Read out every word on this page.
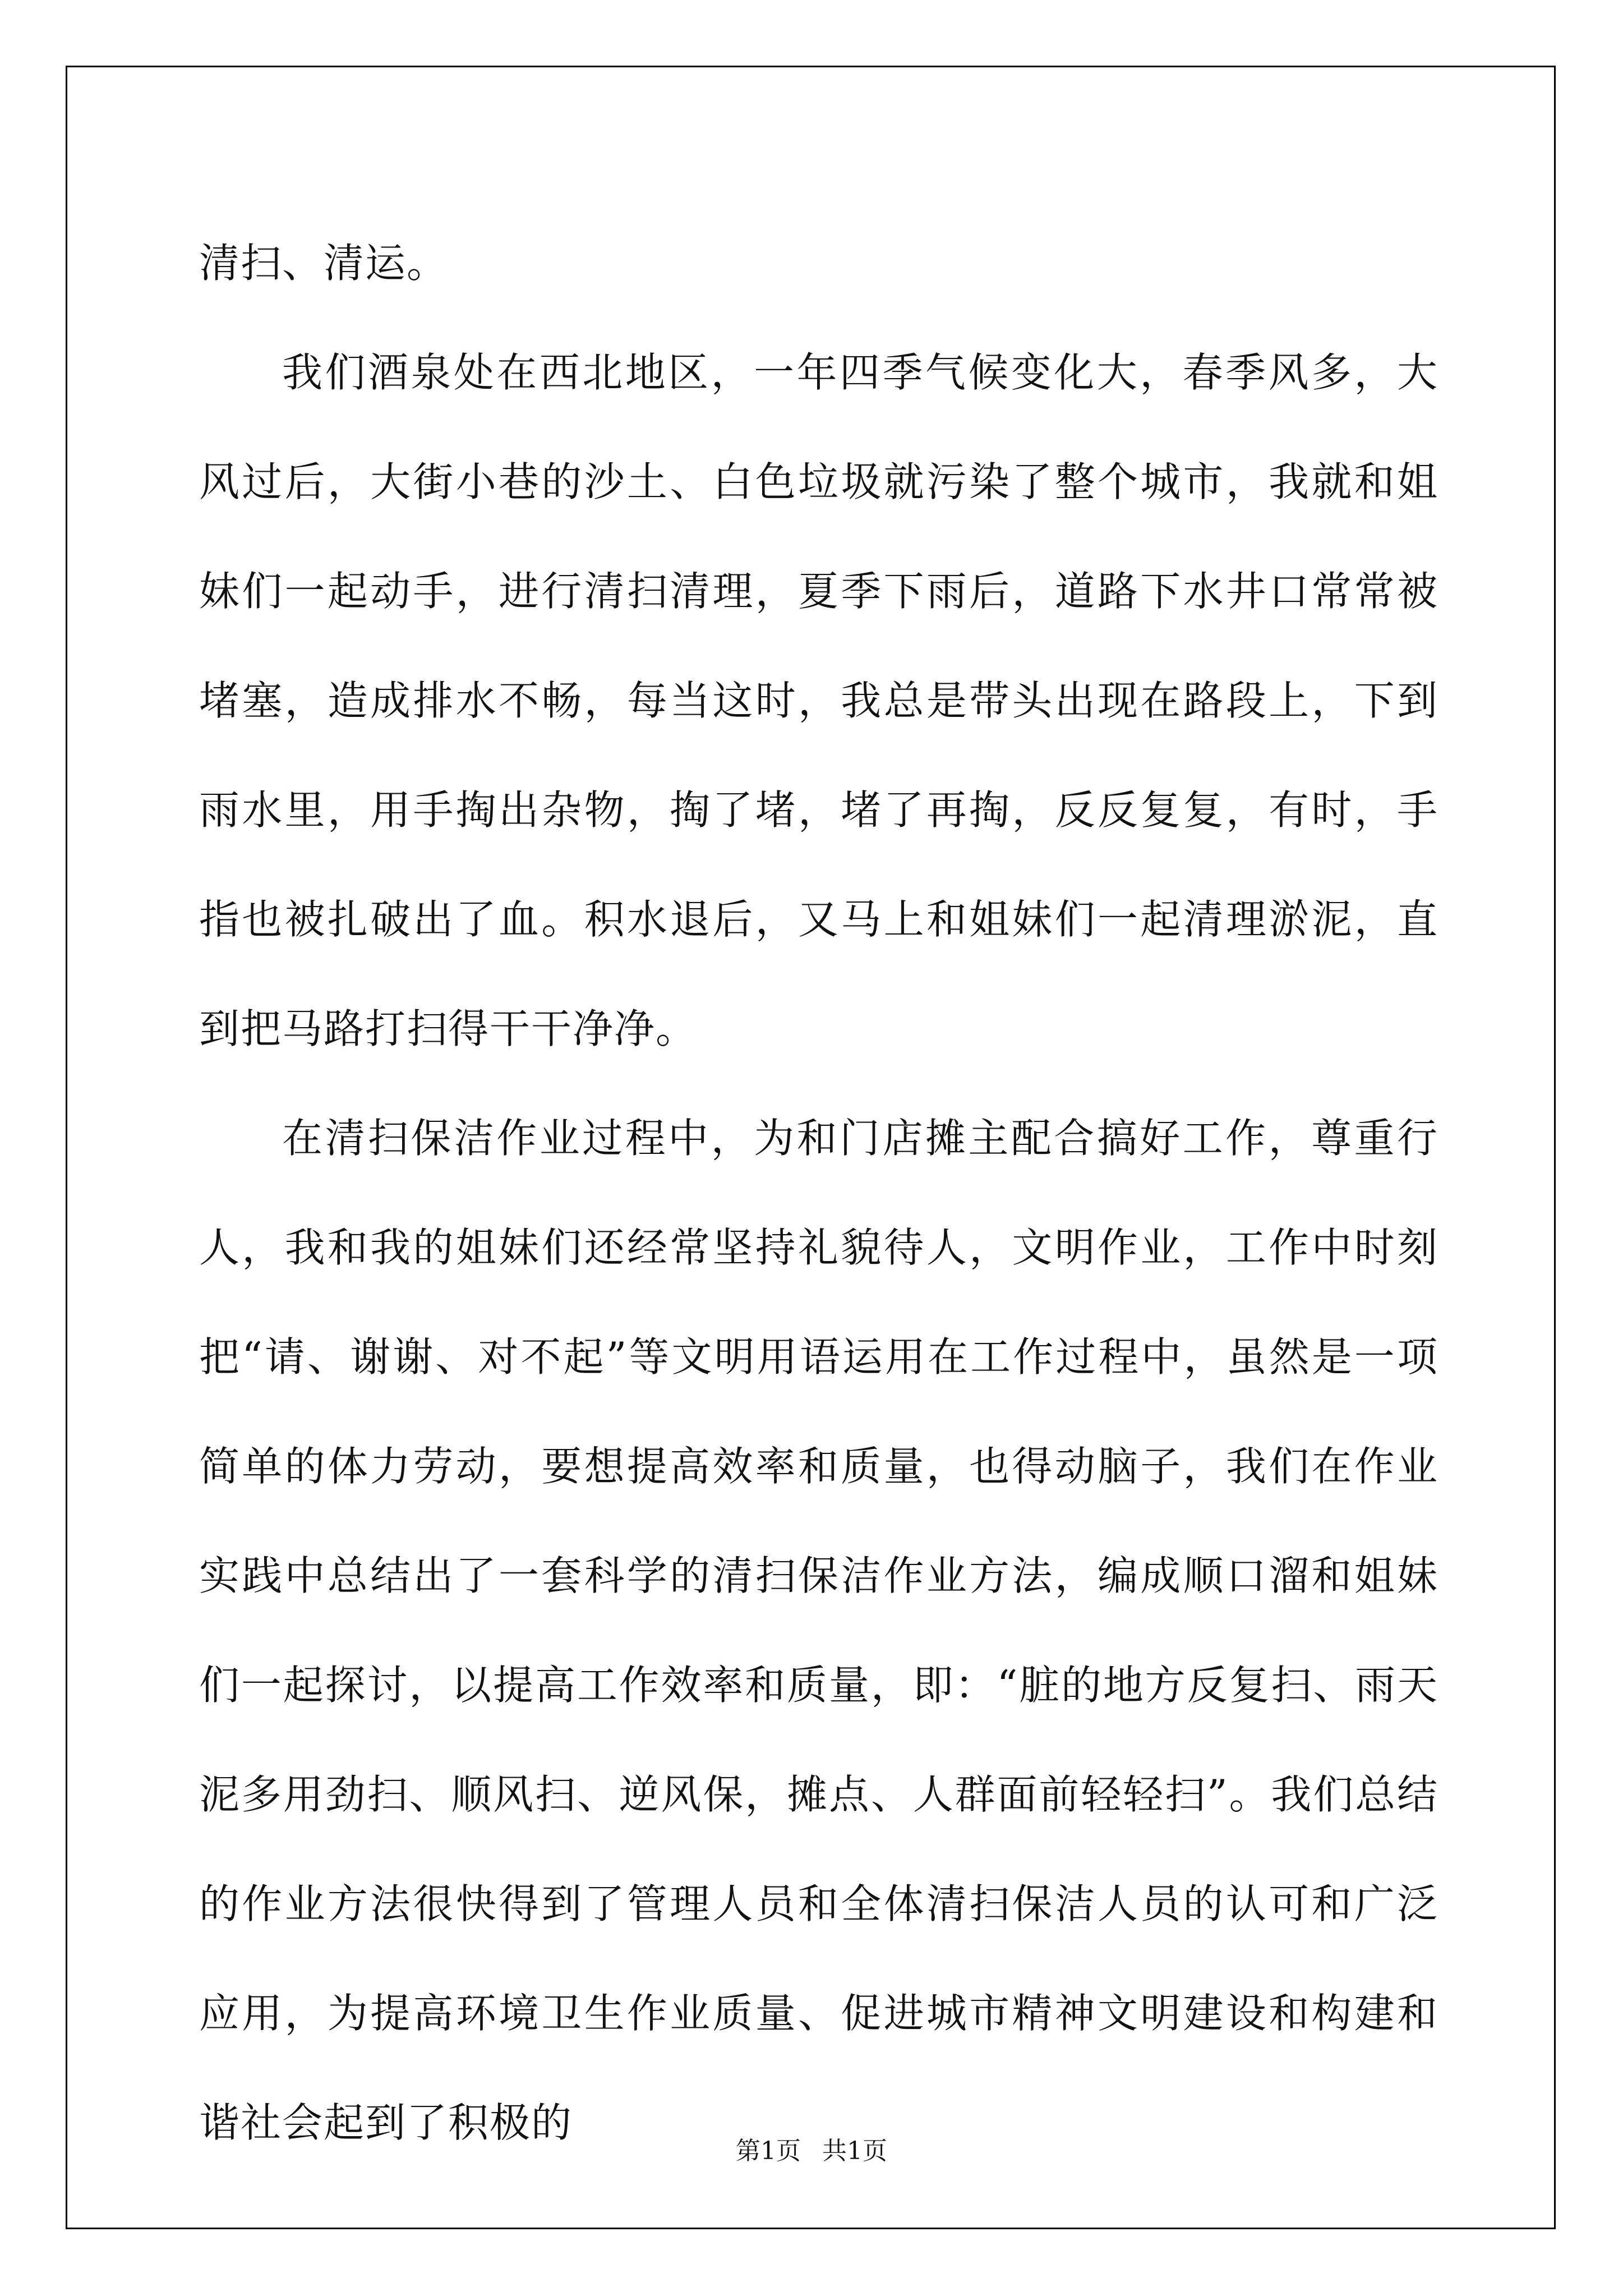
清扫、清运。

我们酒泉处在西北地区，一年四季气候变化大，春季风多，大风过后，大街小巷的沙土、白色垃圾就污染了整个城市，我就和姐妹们一起动手，进行清扫清理，夏季下雨后，道路下水井口常常被堵塞，造成排水不畅，每当这时，我总是带头出现在路段上，下到雨水里，用手掏出杂物，掏了堵，堵了再掏，反反复复，有时，手指也被扎破出了血。积水退后，又马上和姐妹们一起清理淤泥，直到把马路打扫得干干净净。

在清扫保洁作业过程中，为和门店摊主配合搞好工作，尊重行人，我和我的姐妹们还经常坚持礼貌待人，文明作业，工作中时刻把“请、谢谢、对不起”等文明用语运用在工作过程中，虽然是一项简单的体力劳动，要想提高效率和质量，也得动脑子，我们在作业实践中总结出了一套科学的清扫保洁作业方法，编成顺口溜和姐妹们一起探讨，以提高工作效率和质量，即：“脏的地方反复扫、雨天泥多用劲扫、顺风扫、逆风保，摊点、人群面前轻轻扫”。我们总结的作业方法很快得到了管理人员和全体清扫保洁人员的认可和广泛应用，为提高环境卫生作业质量、促进城市精神文明建设和构建和谐社会起到了积极的

第1页 共1页
